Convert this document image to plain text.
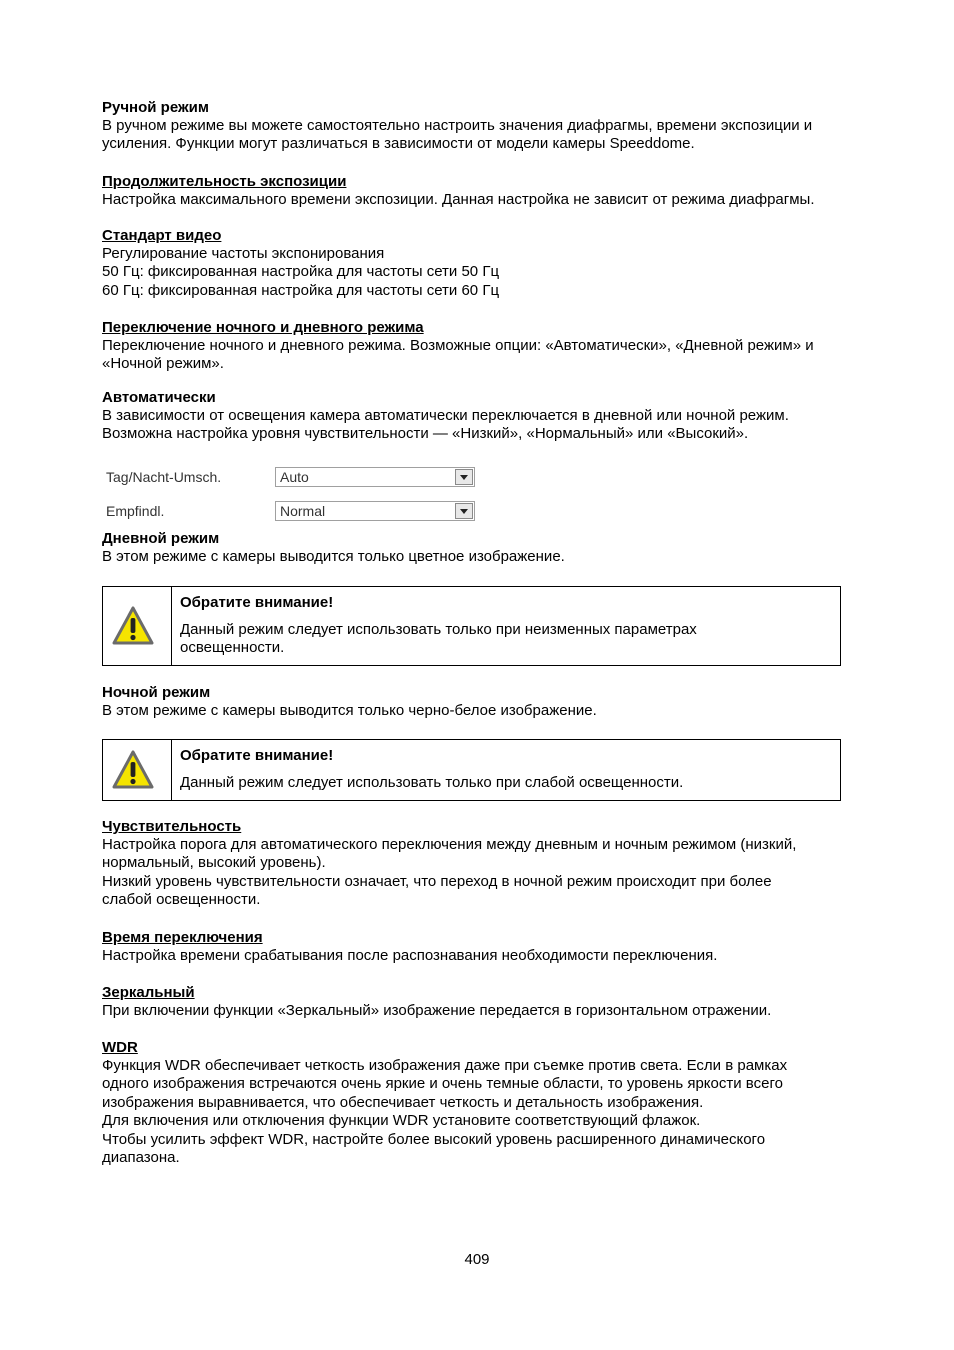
Ручной режим
В ручном режиме вы можете самостоятельно настроить значения диафрагмы, времени экспозиции и
усиления. Функции могут различаться в зависимости от модели камеры Speeddome.
Продолжительность экспозиции
Настройка максимального времени экспозиции. Данная настройка не зависит от режима диафрагмы.
Стандарт видео
Регулирование частоты экспонирования
50 Гц: фиксированная настройка для частоты сети 50 Гц
60 Гц: фиксированная настройка для частоты сети 60 Гц
Переключение ночного и дневного режима
Переключение ночного и дневного режима. Возможные опции: «Автоматически», «Дневной режим» и
«Ночной режим».
Автоматически
В зависимости от освещения камера автоматически переключается в дневной или ночной режим.
Возможна настройка уровня чувствительности — «Низкий», «Нормальный» или «Высокий».
Tag/Nacht-Umsch.	Auto
Empfindl.	Normal
Дневной режим
В этом режиме с камеры выводится только цветное изображение.
Обратите внимание!
Данный режим следует использовать только при неизменных параметрах
освещенности.
Ночной режим
В этом режиме с камеры выводится только черно-белое изображение.
Обратите внимание!
Данный режим следует использовать только при слабой освещенности.
Чувствительность
Настройка порога для автоматического переключения между дневным и ночным режимом (низкий,
нормальный, высокий уровень).
Низкий уровень чувствительности означает, что переход в ночной режим происходит при более
слабой освещенности.
Время переключения
Настройка времени срабатывания после распознавания необходимости переключения.
Зеркальный
При включении функции «Зеркальный» изображение передается в горизонтальном отражении.
WDR
Функция WDR обеспечивает четкость изображения даже при съемке против света. Если в рамках
одного изображения встречаются очень яркие и очень темные области, то уровень яркости всего
изображения выравнивается, что обеспечивает четкость и детальность изображения.
Для включения или отключения функции WDR установите соответствующий флажок.
Чтобы усилить эффект WDR, настройте более высокий уровень расширенного динамического
диапазона.
409
